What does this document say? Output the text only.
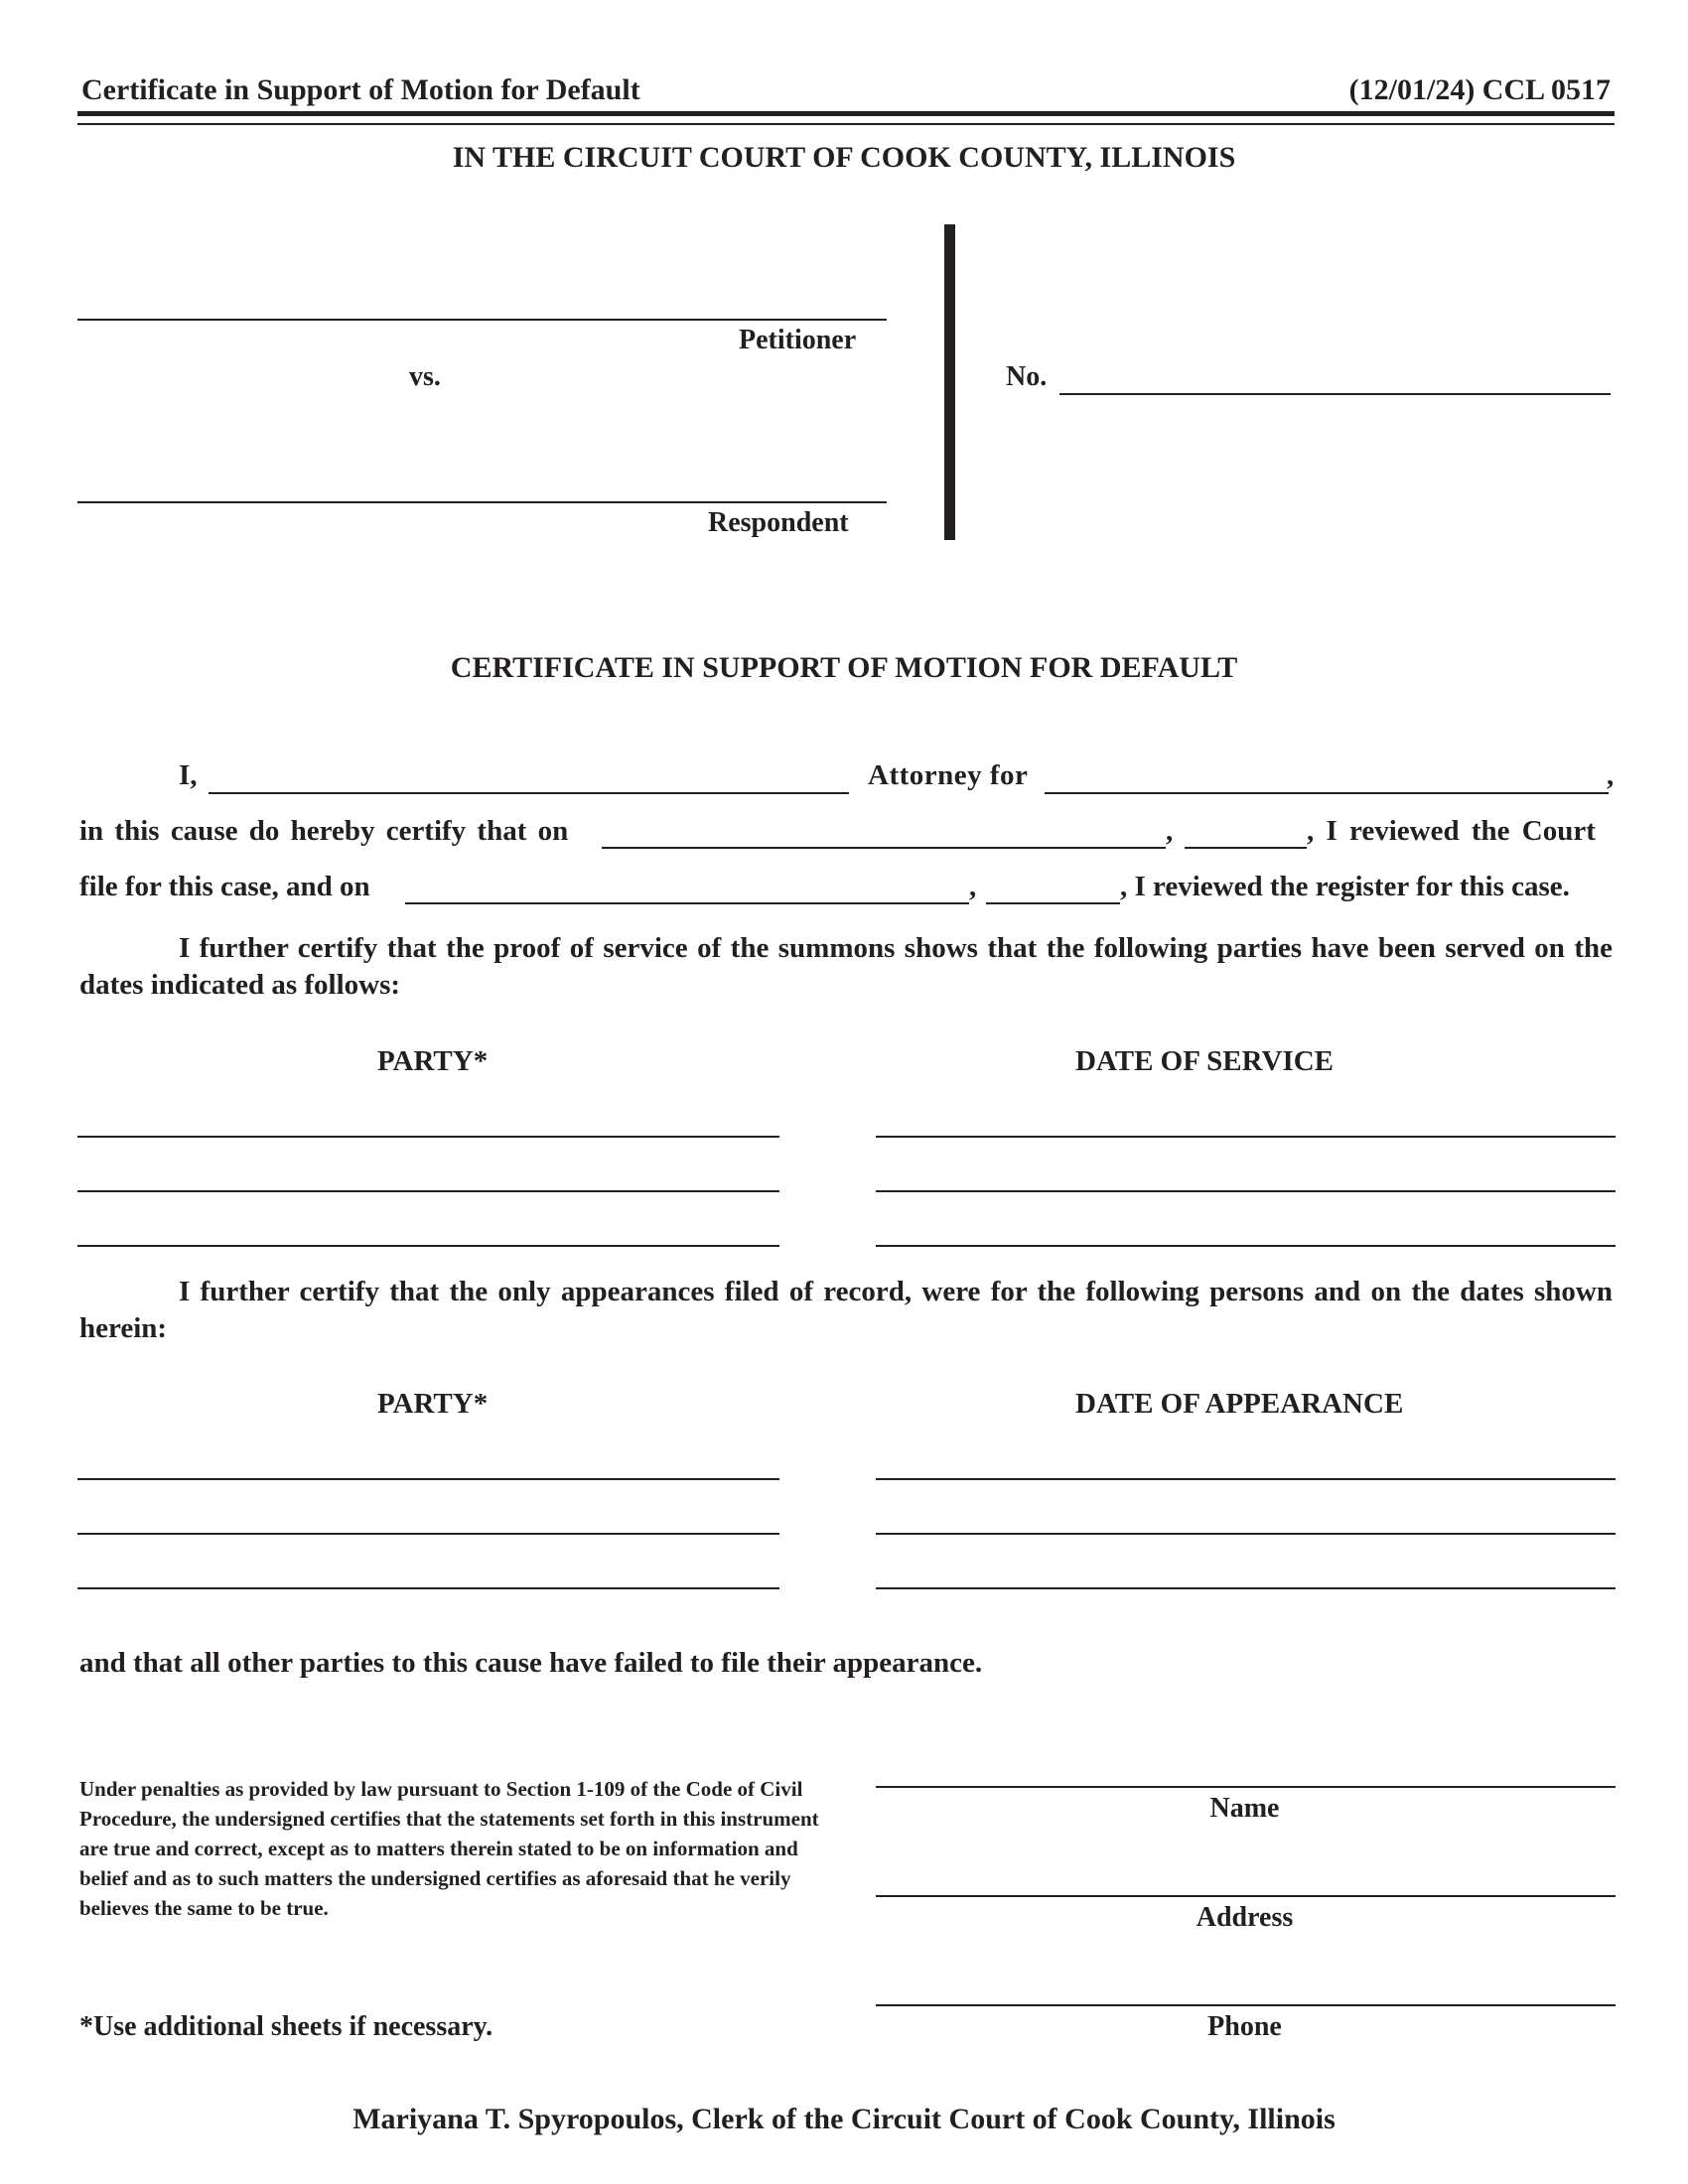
Certificate in Support of Motion for Default	(12/01/24) CCL 0517
IN THE CIRCUIT COURT OF COOK COUNTY, ILLINOIS
Petitioner
vs.
Respondent
No.
CERTIFICATE IN SUPPORT OF MOTION FOR DEFAULT
I,	Attorney for	,
in this cause do hereby certify that on	,	, I reviewed the Court
file for this case, and on	,	, I reviewed the register for this case.
I further certify that the proof of service of the summons shows that the following parties have been served on the dates indicated as follows:
PARTY*	DATE OF SERVICE
I further certify that the only appearances filed of record, were for the following persons and on the dates shown herein:
PARTY*	DATE OF APPEARANCE
and that all other parties to this cause have failed to file their appearance.
Under penalties as provided by law pursuant to Section 1-109 of the Code of Civil Procedure, the undersigned certifies that the statements set forth in this instrument are true and correct, except as to matters therein stated to be on information and belief and as to such matters the undersigned certifies as aforesaid that he verily believes the same to be true.
Name
Address
Phone
*Use additional sheets if necessary.
Mariyana T. Spyropoulos, Clerk of the Circuit Court of Cook County, Illinois
